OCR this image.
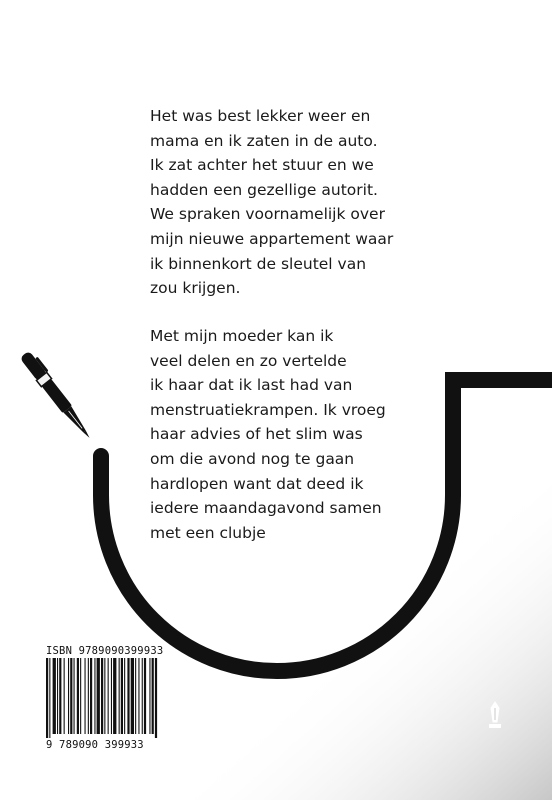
Het was best lekker weer en
mama en ik zaten in de auto.
Ik zat achter het stuur en we
hadden een gezellige autorit.
We spraken voornamelijk over
mijn nieuwe appartement waar
ik binnenkort de sleutel van
zou krijgen.
Met mijn moeder kan ik
veel delen en zo vertelde
ik haar dat ik last had van
menstruatiekrampen. Ik vroeg
haar advies of het slim was
om die avond nog te gaan
hardlopen want dat deed ik
iedere maandagavond samen
met een clubje
ISBN 9789090399933
9 789090 399933
